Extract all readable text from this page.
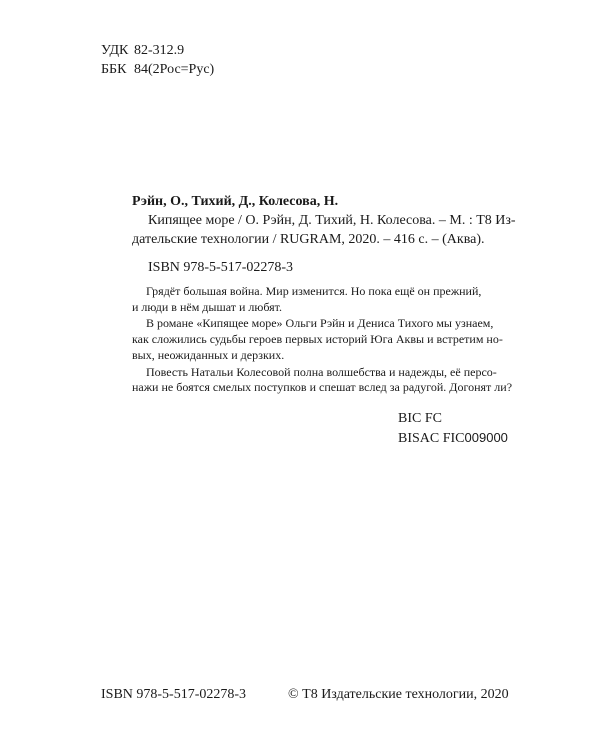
УДК 82-312.9
ББК 84(2Рос=Рус)
Рэйн, О., Тихий, Д., Колесова, Н.

Кипящее море / О. Рэйн, Д. Тихий, Н. Колесова. – М. : Т8 Из-

дательские технологии / RUGRAM, 2020. – 416 с. – (Аква).

ISBN 978-5-517-02278-3
Грядёт большая война. Мир изменится. Но пока ещё он прежний,
и люди в нём дышат и любят.
В романе «Кипящее море» Ольги Рэйн и Дениса Тихого мы узнаем,
как сложились судьбы героев первых историй Юга Аквы и встретим но-
вых, неожиданных и дерзких.
Повесть Натальи Колесовой полна волшебства и надежды, её персо-
нажи не боятся смелых поступков и спешат вслед за радугой. Догонят ли?
BIC FC
BISAC FIC009000
ISBN 978-5-517-02278-3	© Т8 Издательские технологии, 2020
